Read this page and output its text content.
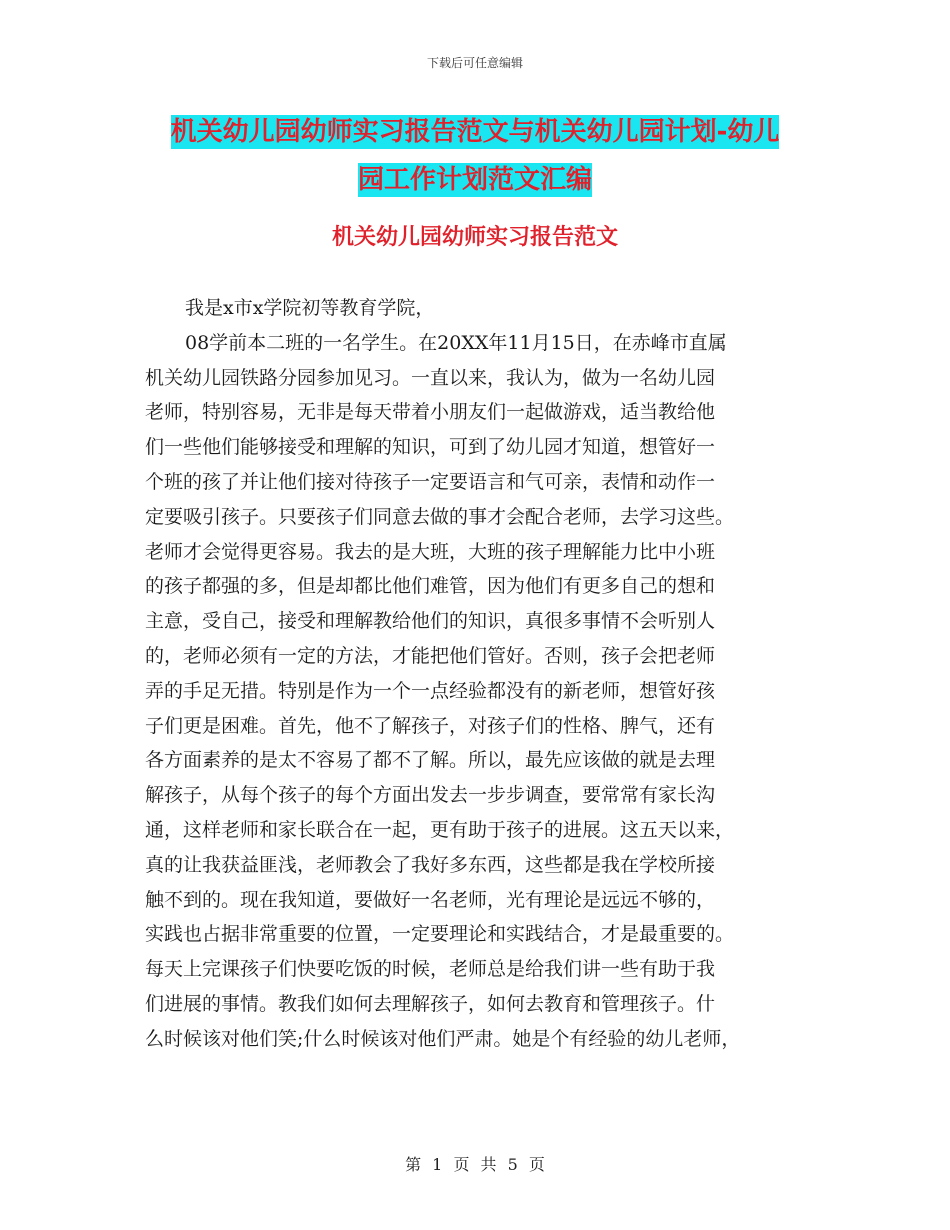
下载后可任意编辑
机关幼儿园幼师实习报告范文与机关幼儿园计划-幼儿
园工作计划范文汇编
机关幼儿园幼师实习报告范文
我是x市x学院初等教育学院，
08学前本二班的一名学生。在20XX年11月15日，在赤峰市直属
机关幼儿园铁路分园参加见习。一直以来，我认为，做为一名幼儿园
老师，特别容易，无非是每天带着小朋友们一起做游戏，适当教给他
们一些他们能够接受和理解的知识，可到了幼儿园才知道，想管好一
个班的孩了并让他们接对待孩子一定要语言和气可亲，表情和动作一
定要吸引孩子。只要孩子们同意去做的事才会配合老师，去学习这些。
老师才会觉得更容易。我去的是大班，大班的孩子理解能力比中小班
的孩子都强的多，但是却都比他们难管，因为他们有更多自己的想和
主意，受自己，接受和理解教给他们的知识，真很多事情不会听别人
的，老师必须有一定的方法，才能把他们管好。否则，孩子会把老师
弄的手足无措。特别是作为一个一点经验都没有的新老师，想管好孩
子们更是困难。首先，他不了解孩子，对孩子们的性格、脾气，还有
各方面素养的是太不容易了都不了解。所以，最先应该做的就是去理
解孩子，从每个孩子的每个方面出发去一步步调查，要常常有家长沟
通，这样老师和家长联合在一起，更有助于孩子的进展。这五天以来，
真的让我获益匪浅，老师教会了我好多东西，这些都是我在学校所接
触不到的。现在我知道，要做好一名老师，光有理论是远远不够的，
实践也占据非常重要的位置，一定要理论和实践结合，才是最重要的。
每天上完课孩子们快要吃饭的时候，老师总是给我们讲一些有助于我
们进展的事情。教我们如何去理解孩子，如何去教育和管理孩子。什
么时候该对他们笑;什么时候该对他们严肃。她是个有经验的幼儿老师，
第 1 页 共 5 页
